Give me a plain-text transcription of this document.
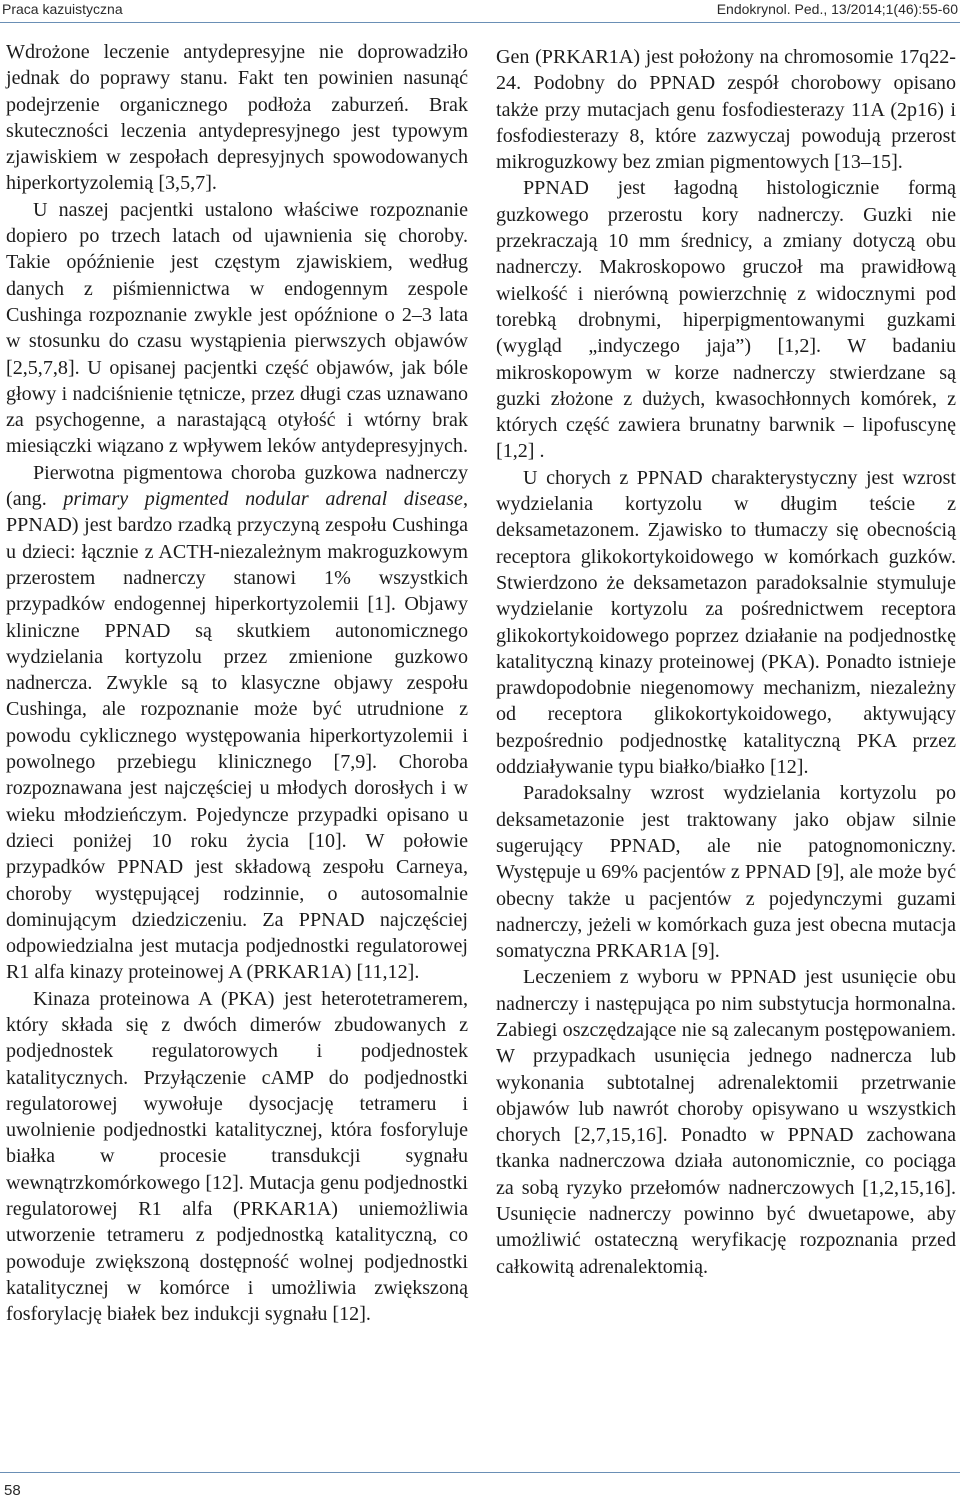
Praca kazuistyczna	Endokrynol. Ped., 13/2014;1(46):55-60

Wdrożone leczenie antydepresyjne nie doprowadziło jednak do poprawy stanu. Fakt ten powinien nasunąć podejrzenie organicznego podłoża zaburzeń. Brak skuteczności leczenia antydepresyjnego jest typowym zjawiskiem w zespołach depresyjnych spowodowanych hiperkortyzolemią [3,5,7].

U naszej pacjentki ustalono właściwe rozpoznanie dopiero po trzech latach od ujawnienia się choroby. Takie opóźnienie jest częstym zjawiskiem, według danych z piśmiennictwa w endogennym zespole Cushinga rozpoznanie zwykle jest opóźnione o 2–3 lata w stosunku do czasu wystąpienia pierwszych objawów [2,5,7,8]. U opisanej pacjentki część objawów, jak bóle głowy i nadciśnienie tętnicze, przez długi czas uznawano za psychogenne, a narastającą otyłość i wtórny brak miesiączki wiązano z wpływem leków antydepresyjnych.

Pierwotna pigmentowa choroba guzkowa nadnerczy (ang. primary pigmented nodular adrenal disease, PPNAD) jest bardzo rzadką przyczyną zespołu Cushinga u dzieci: łącznie z ACTH-niezależnym makroguzkowym przerostem nadnerczy stanowi 1% wszystkich przypadków endogennej hiperkortyzolemii [1]. Objawy kliniczne PPNAD są skutkiem autonomicznego wydzielania kortyzolu przez zmienione guzkowo nadnercza. Zwykle są to klasyczne objawy zespołu Cushinga, ale rozpoznanie może być utrudnione z powodu cyklicznego występowania hiperkortyzolemii i powolnego przebiegu klinicznego [7,9]. Choroba rozpoznawana jest najczęściej u młodych dorosłych i w wieku młodzieńczym. Pojedyncze przypadki opisano u dzieci poniżej 10 roku życia [10]. W połowie przypadków PPNAD jest składową zespołu Carneya, choroby występującej rodzinnie, o autosomalnie dominującym dziedziczeniu. Za PPNAD najczęściej odpowiedzialna jest mutacja podjednostki regulatorowej R1 alfa kinazy proteinowej A (PRKAR1A) [11,12].

Kinaza proteinowa A (PKA) jest heterotetramerem, który składa się z dwóch dimerów zbudowanych z podjednostek regulatorowych i podjednostek katalitycznych. Przyłączenie cAMP do podjednostki regulatorowej wywołuje dysocjację tetrameru i uwolnienie podjednostki katalitycznej, która fosforyluje białka w procesie transdukcji sygnału wewnątrzkomórkowego [12]. Mutacja genu podjednostki regulatorowej R1 alfa (PRKAR1A) uniemożliwia utworzenie tetrameru z podjednostką katalityczną, co powoduje zwiększoną dostępność wolnej podjednostki katalitycznej w komórce i umożliwia zwiększoną fosforylację białek bez indukcji sygnału [12].

Gen (PRKAR1A) jest położony na chromosomie 17q22-24. Podobny do PPNAD zespół chorobowy opisano także przy mutacjach genu fosfodiesterazy 11A (2p16) i fosfodiesterazy 8, które zazwyczaj powodują przerost mikroguzkowy bez zmian pigmentowych [13–15].

PPNAD jest łagodną histologicznie formą guzkowego przerostu kory nadnerczy. Guzki nie przekraczają 10 mm średnicy, a zmiany dotyczą obu nadnerczy. Makroskopowo gruczoł ma prawidłową wielkość i nierówną powierzchnię z widocznymi pod torebką drobnymi, hiperpigmentowanymi guzkami (wygląd „indyczego jaja”) [1,2]. W badaniu mikroskopowym w korze nadnerczy stwierdzane są guzki złożone z dużych, kwasochłonnych komórek, z których część zawiera brunatny barwnik – lipofuscynę [1,2] .

U chorych z PPNAD charakterystyczny jest wzrost wydzielania kortyzolu w długim teście z deksametazonem. Zjawisko to tłumaczy się obecnością receptora glikokortykoidowego w komórkach guzków. Stwierdzono że deksametazon paradoksalnie stymuluje wydzielanie kortyzolu za pośrednictwem receptora glikokortykoidowego poprzez działanie na podjednostkę katalityczną kinazy proteinowej (PKA). Ponadto istnieje prawdopodobnie niegenomowy mechanizm, niezależny od receptora glikokortykoidowego, aktywujący bezpośrednio podjednostkę katalityczną PKA przez oddziaływanie typu białko/białko [12].

Paradoksalny wzrost wydzielania kortyzolu po deksametazonie jest traktowany jako objaw silnie sugerujący PPNAD, ale nie patognomoniczny. Występuje u 69% pacjentów z PPNAD [9], ale może być obecny także u pacjentów z pojedynczymi guzami nadnerczy, jeżeli w komórkach guza jest obecna mutacja somatyczna PRKAR1A [9].

Leczeniem z wyboru w PPNAD jest usunięcie obu nadnerczy i następująca po nim substytucja hormonalna. Zabiegi oszczędzające nie są zalecanym postępowaniem. W przypadkach usunięcia jednego nadnercza lub wykonania subtotalnej adrenalektomii przetrwanie objawów lub nawrót choroby opisywano u wszystkich chorych [2,7,15,16]. Ponadto w PPNAD zachowana tkanka nadnerczowa działa autonomicznie, co pociąga za sobą ryzyko przełomów nadnerczowych [1,2,15,16]. Usunięcie nadnerczy powinno być dwuetapowe, aby umożliwić ostateczną weryfikację rozpoznania przed całkowitą adrenalektomią.

58
